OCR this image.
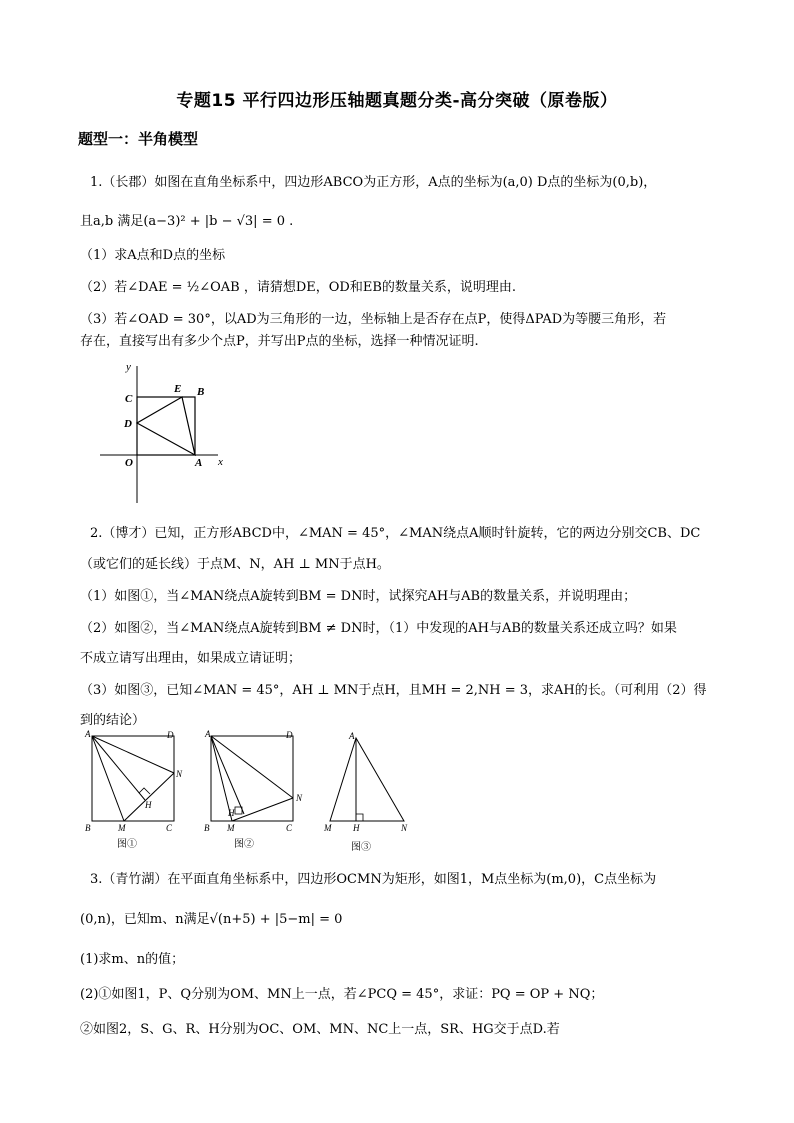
专题15 平行四边形压轴题真题分类-高分突破（原卷版）
题型一：半角模型
1.（长郡）如图在直角坐标系中，四边形ABCO为正方形，A点的坐标为(a,0) D点的坐标为(0,b)，
且a,b 满足(a−3)² + |b − √3| = 0 .
（1）求A点和D点的坐标
（2）若∠DAE = ½∠OAB ，请猜想DE，OD和EB的数量关系，说明理由.
（3）若∠OAD = 30°，以AD为三角形的一边，坐标轴上是否存在点P，使得ΔPAD为等腰三角形，若
存在，直接写出有多少个点P，并写出P点的坐标，选择一种情况证明.
y
x
O	A
B
C
D
E
2.（博才）已知，正方形ABCD中，∠MAN = 45°，∠MAN绕点A顺时针旋转，它的两边分别交CB、DC
（或它们的延长线）于点M、N，AH ⊥ MN于点H。
（1）如图①，当∠MAN绕点A旋转到BM = DN时，试探究AH与AB的数量关系，并说明理由；
（2）如图②，当∠MAN绕点A旋转到BM ≠ DN时，（1）中发现的AH与AB的数量关系还成立吗？如果
不成立请写出理由，如果成立请证明；
（3）如图③，已知∠MAN = 45°，AH ⊥ MN于点H，且MH = 2,NH = 3，求AH的长。（可利用（2）得
到的结论）
A	D
B	C
M
N
H
图①
A	D
B	C
M
N
H
图②
A
M H	N
图③
3.（青竹湖）在平面直角坐标系中，四边形OCMN为矩形，如图1，M点坐标为(m,0)，C点坐标为
(0,n)，已知m、n满足√(n+5) + |5−m| = 0
(1)求m、n的值；
(2)①如图1，P、Q分别为OM、MN上一点，若∠PCQ = 45°，求证：PQ = OP + NQ；
②如图2，S、G、R、H分别为OC、OM、MN、NC上一点，SR、HG交于点D.若
